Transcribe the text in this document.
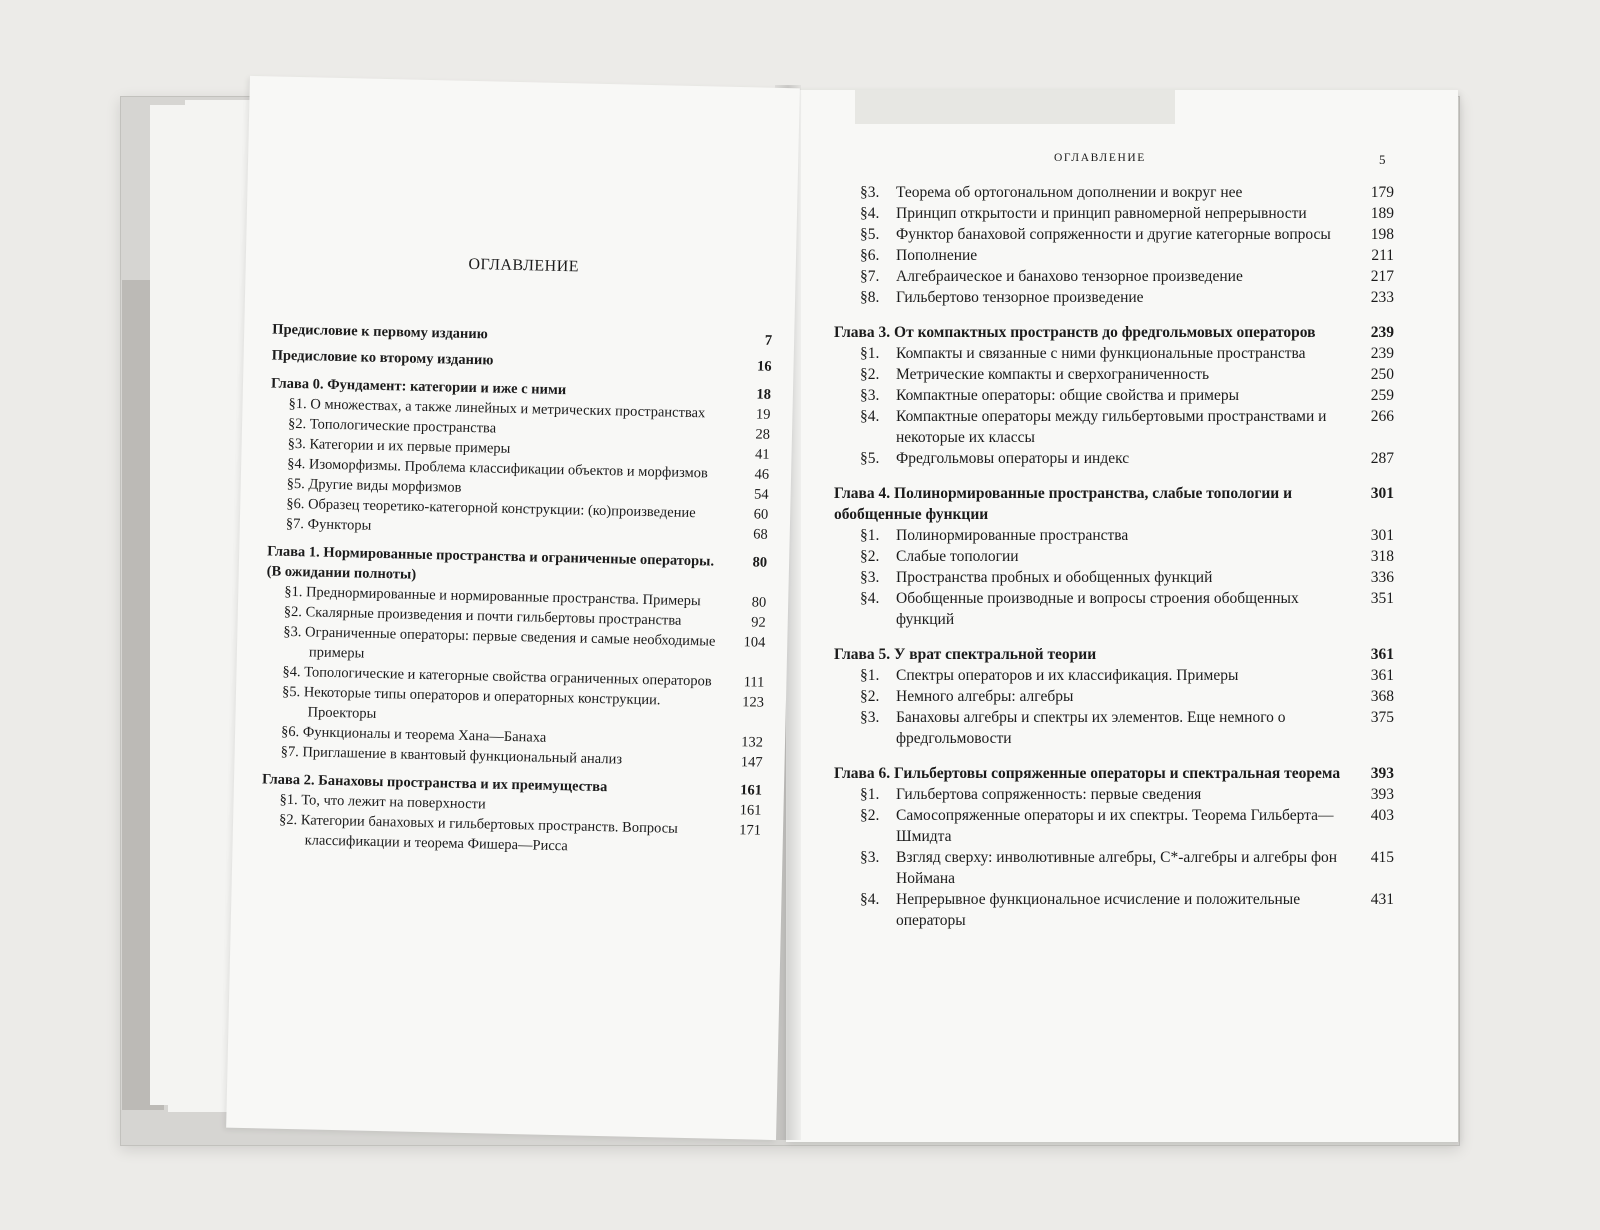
ОГЛАВЛЕНИЕ	5
§3. Теорема об ортогональном дополнении и вокруг нее	179
§4. Принцип открытости и принцип равномерной непрерывности	189
§5. Функтор банаховой сопряженности и другие категорные вопросы	198
§6. Пополнение	211
§7. Алгебраическое и банахово тензорное произведение	217
§8. Гильбертово тензорное произведение	233
Глава 3. От компактных пространств до фредгольмовых операторов	239
§1. Компакты и связанные с ними функциональные пространства	239
§2. Метрические компакты и сверхограниченность	250
§3. Компактные операторы: общие свойства и примеры	259
§4. Компактные операторы между гильбертовыми пространствами и некоторые их классы
266
§5. Фредгольмовы операторы и индекс	287
Глава 4. Полинормированные пространства, слабые топологии и обобщенные функции
301
§1. Полинормированные пространства	301
§2. Слабые топологии	318
§3. Пространства пробных и обобщенных функций	336
§4. Обобщенные производные и вопросы строения обобщенных функций
351
Глава 5. У врат спектральной теории	361
§1. Спектры операторов и их классификация. Примеры	361
§2. Немного алгебры: алгебры	368
§3. Банаховы алгебры и спектры их элементов. Еще немного о фредгольмовости
375
Глава 6. Гильбертовы сопряженные операторы и спектральная теорема	393
§1. Гильбертова сопряженность: первые сведения	393
§2. Самосопряженные операторы и их спектры. Теорема Гильберта—Шмидта
403
§3. Взгляд сверху: инволютивные алгебры, C*-алгебры и алгебры фон Ноймана
415
§4. Непрерывное функциональное исчисление и положительные операторы
431
ОГЛАВЛЕНИЕ
Предисловие к первому изданию	7
Предисловие ко второму изданию	16
Глава 0. Фундамент: категории и иже с ними	18
§1. О множествах, а также линейных и метрических пространствах	19
§2. Топологические пространства	28
§3. Категории и их первые примеры	41
§4. Изоморфизмы. Проблема классификации объектов и морфизмов	46
§5. Другие виды морфизмов	54
§6. Образец теоретико-категорной конструкции: (ко)произведение	60
§7. Функторы
68
Глава 1. Нормированные пространства и ограниченные операторы. (В ожидании полноты)
80
§1. Преднормированные и нормированные пространства. Примеры	80
§2. Скалярные произведения и почти гильбертовы пространства	92
§3. Ограниченные операторы: первые сведения и самые необходимые примеры
104
§4. Топологические и категорные свойства ограниченных операторов	111
§5. Некоторые типы операторов и операторных конструкции. Проекторы
123
§6. Функционалы и теорема Хана—Банаха	132
§7. Приглашение в квантовый функциональный анализ	147
Глава 2. Банаховы пространства и их преимущества	161
§1. То, что лежит на поверхности	161
§2. Категории банаховых и гильбертовых пространств. Вопросы классификации и теорема Фишера—Рисса
171
